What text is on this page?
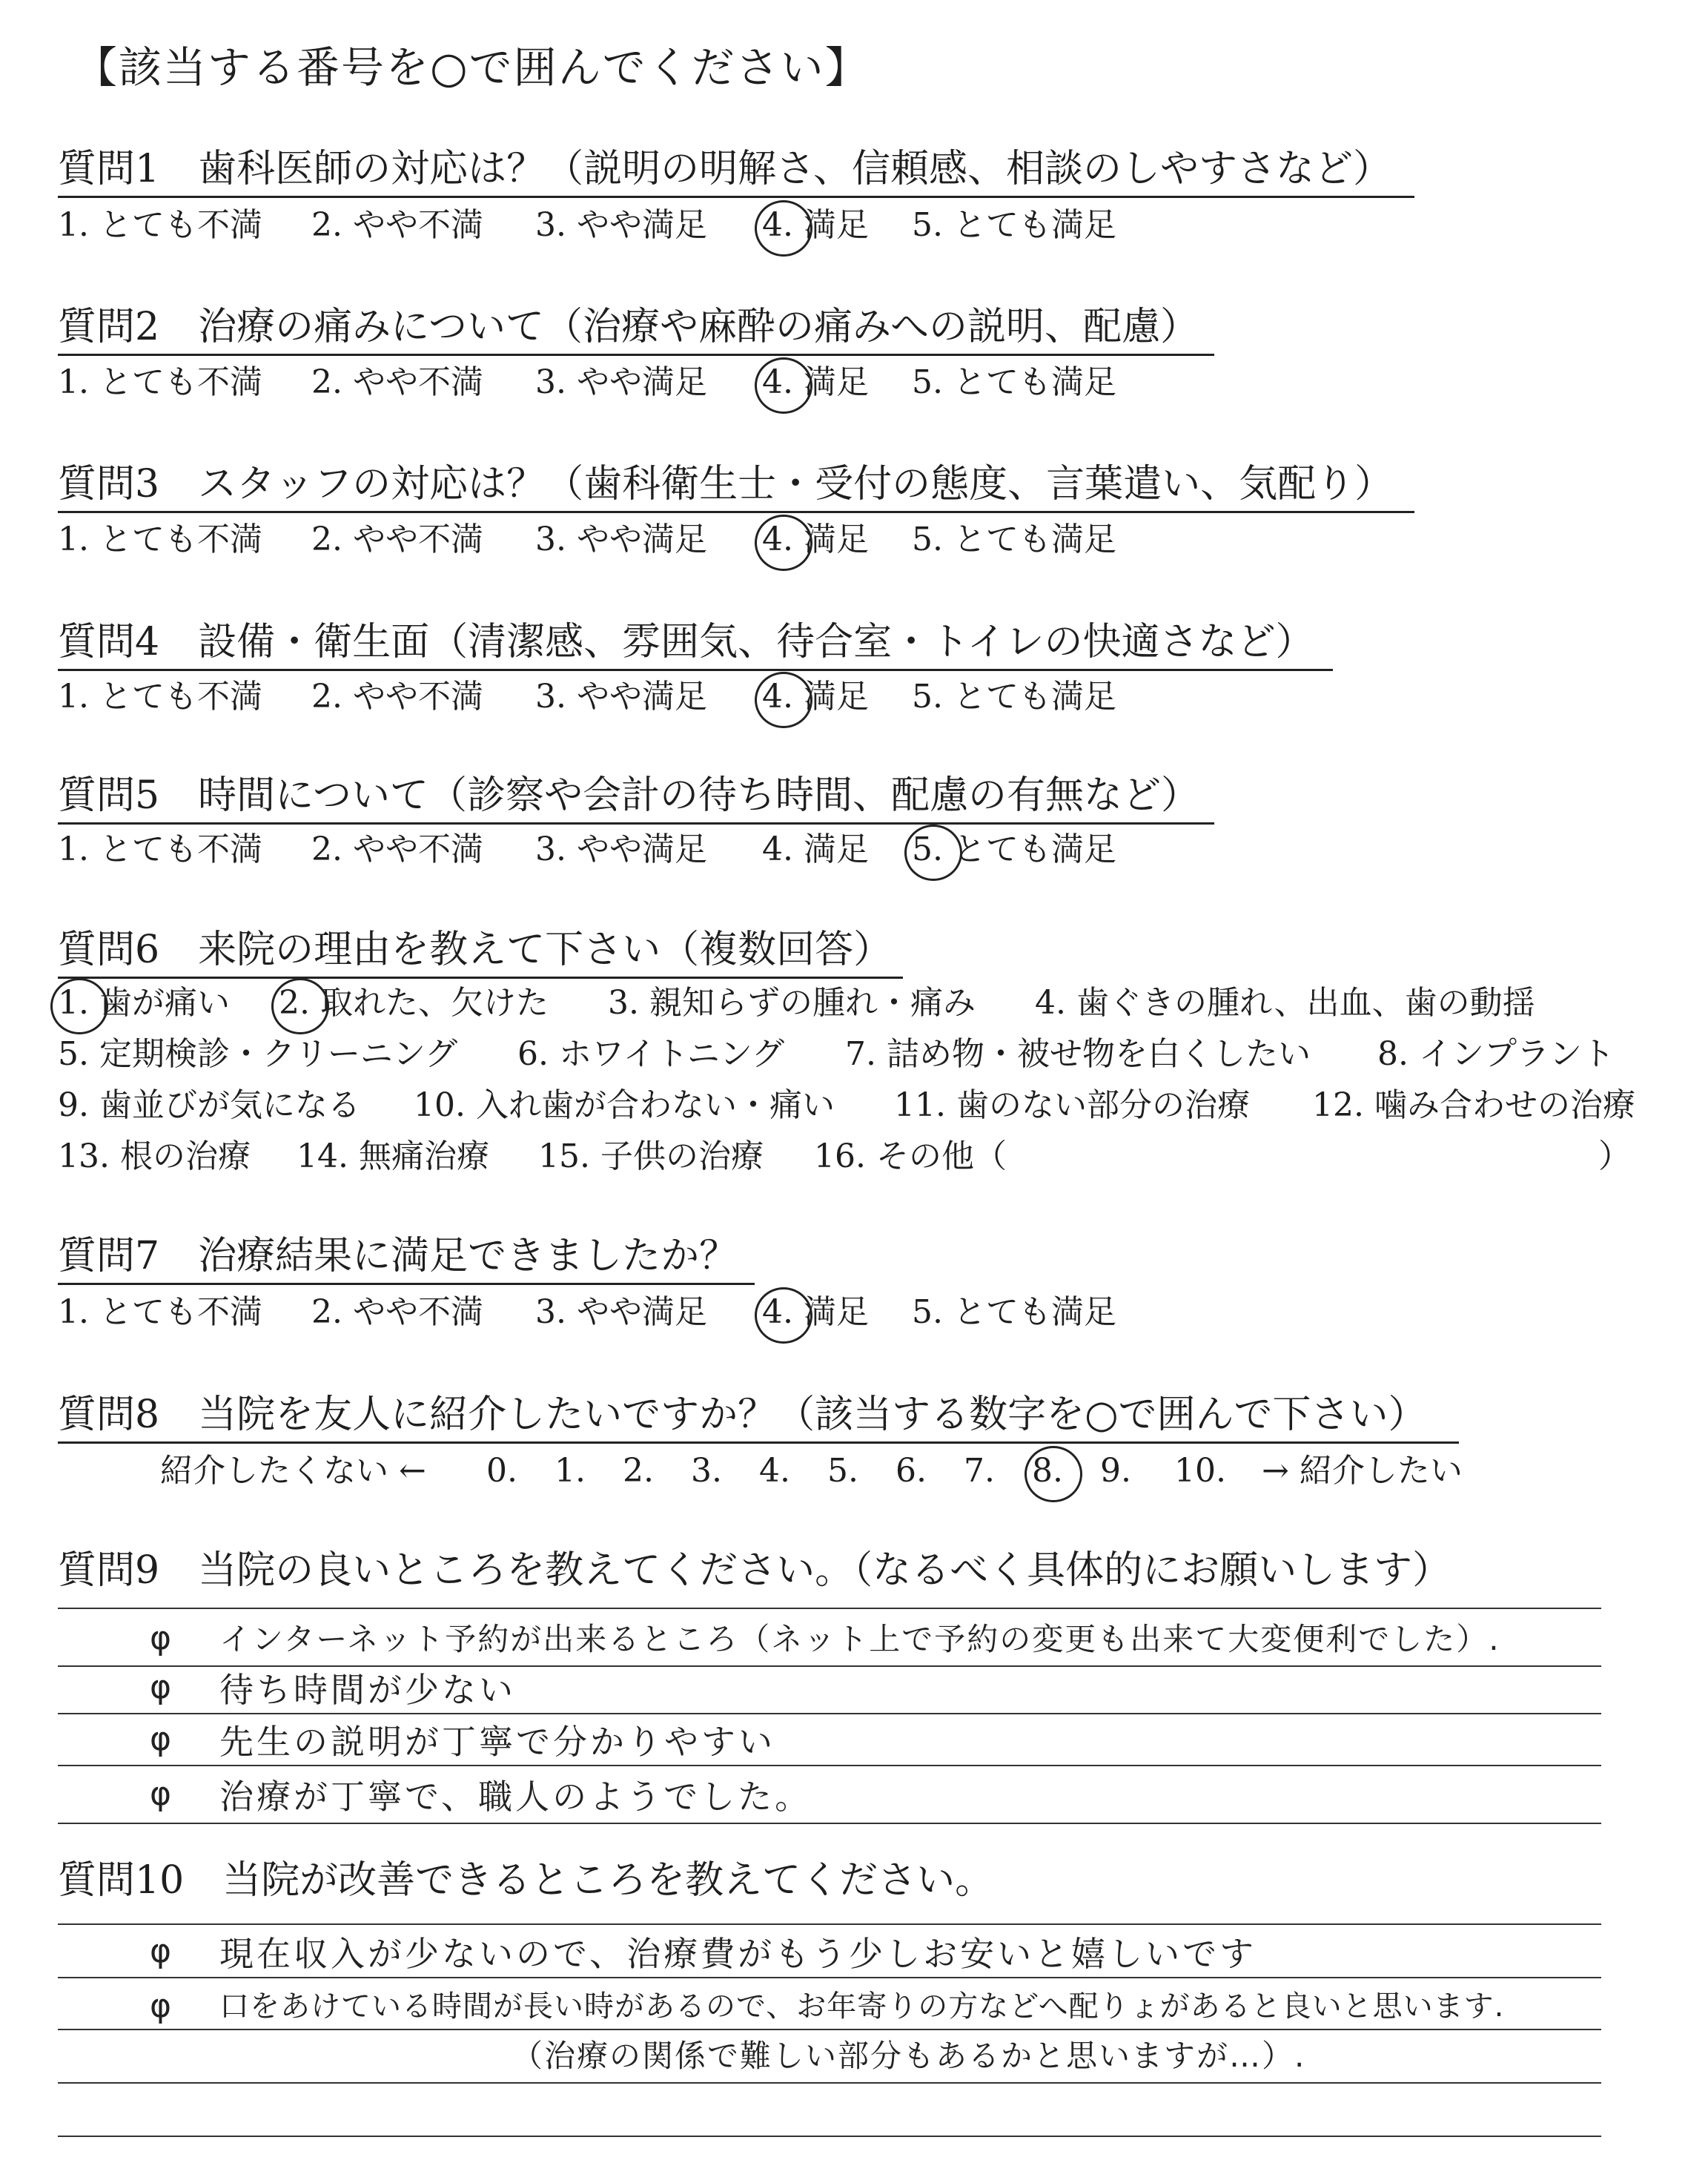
【該当する番号を○で囲んでください】
質問1　歯科医師の対応は？（説明の明解さ、信頼感、相談のしやすさなど）
1. とても不満 2. やや不満 3. やや満足 4. 満足 5. とても満足
質問2　治療の痛みについて（治療や麻酔の痛みへの説明、配慮）
1. とても不満 2. やや不満 3. やや満足 4. 満足 5. とても満足
質問3　スタッフの対応は？（歯科衛生士・受付の態度、言葉遣い、気配り）
1. とても不満 2. やや不満 3. やや満足 4. 満足 5. とても満足
質問4　設備・衛生面（清潔感、雰囲気、待合室・トイレの快適さなど）
1. とても不満 2. やや不満 3. やや満足 4. 満足 5. とても満足
質問5　時間について（診察や会計の待ち時間、配慮の有無など）
1. とても不満 2. やや不満 3. やや満足 4. 満足 5. とても満足
質問6　来院の理由を教えて下さい（複数回答）
1. 歯が痛い 2. 取れた、欠けた 3. 親知らずの腫れ・痛み 4. 歯ぐきの腫れ、出血、歯の動揺
5. 定期検診・クリーニング 6. ホワイトニング 7. 詰め物・被せ物を白くしたい 8. インプラント
9. 歯並びが気になる 10. 入れ歯が合わない・痛い 11. 歯のない部分の治療 12. 噛み合わせの治療
13. 根の治療 14. 無痛治療 15. 子供の治療 16. その他（	）
質問7　治療結果に満足できましたか？
1. とても不満 2. やや不満 3. やや満足 4. 満足 5. とても満足
質問8　当院を友人に紹介したいですか？（該当する数字を○で囲んで下さい）
紹介したくない ← 0. 1. 2. 3. 4. 5. 6. 7. 8. 9. 10. → 紹介したい
質問9　当院の良いところを教えてください。（なるべく具体的にお願いします）
φ インターネット予約が出来るところ（ネット上で予約の変更も出来て大変便利でした）.
φ 待ち時間が少ない
φ 先生の説明が丁寧で分かりやすい
φ 治療が丁寧で、職人のようでした。
質問10　当院が改善できるところを教えてください。
φ 現在収入が少ないので、治療費がもう少しお安いと嬉しいです
φ 口をあけている時間が長い時があるので、お年寄りの方などへ配りょがあると良いと思います.
（治療の関係で難しい部分もあるかと思いますが…）.
